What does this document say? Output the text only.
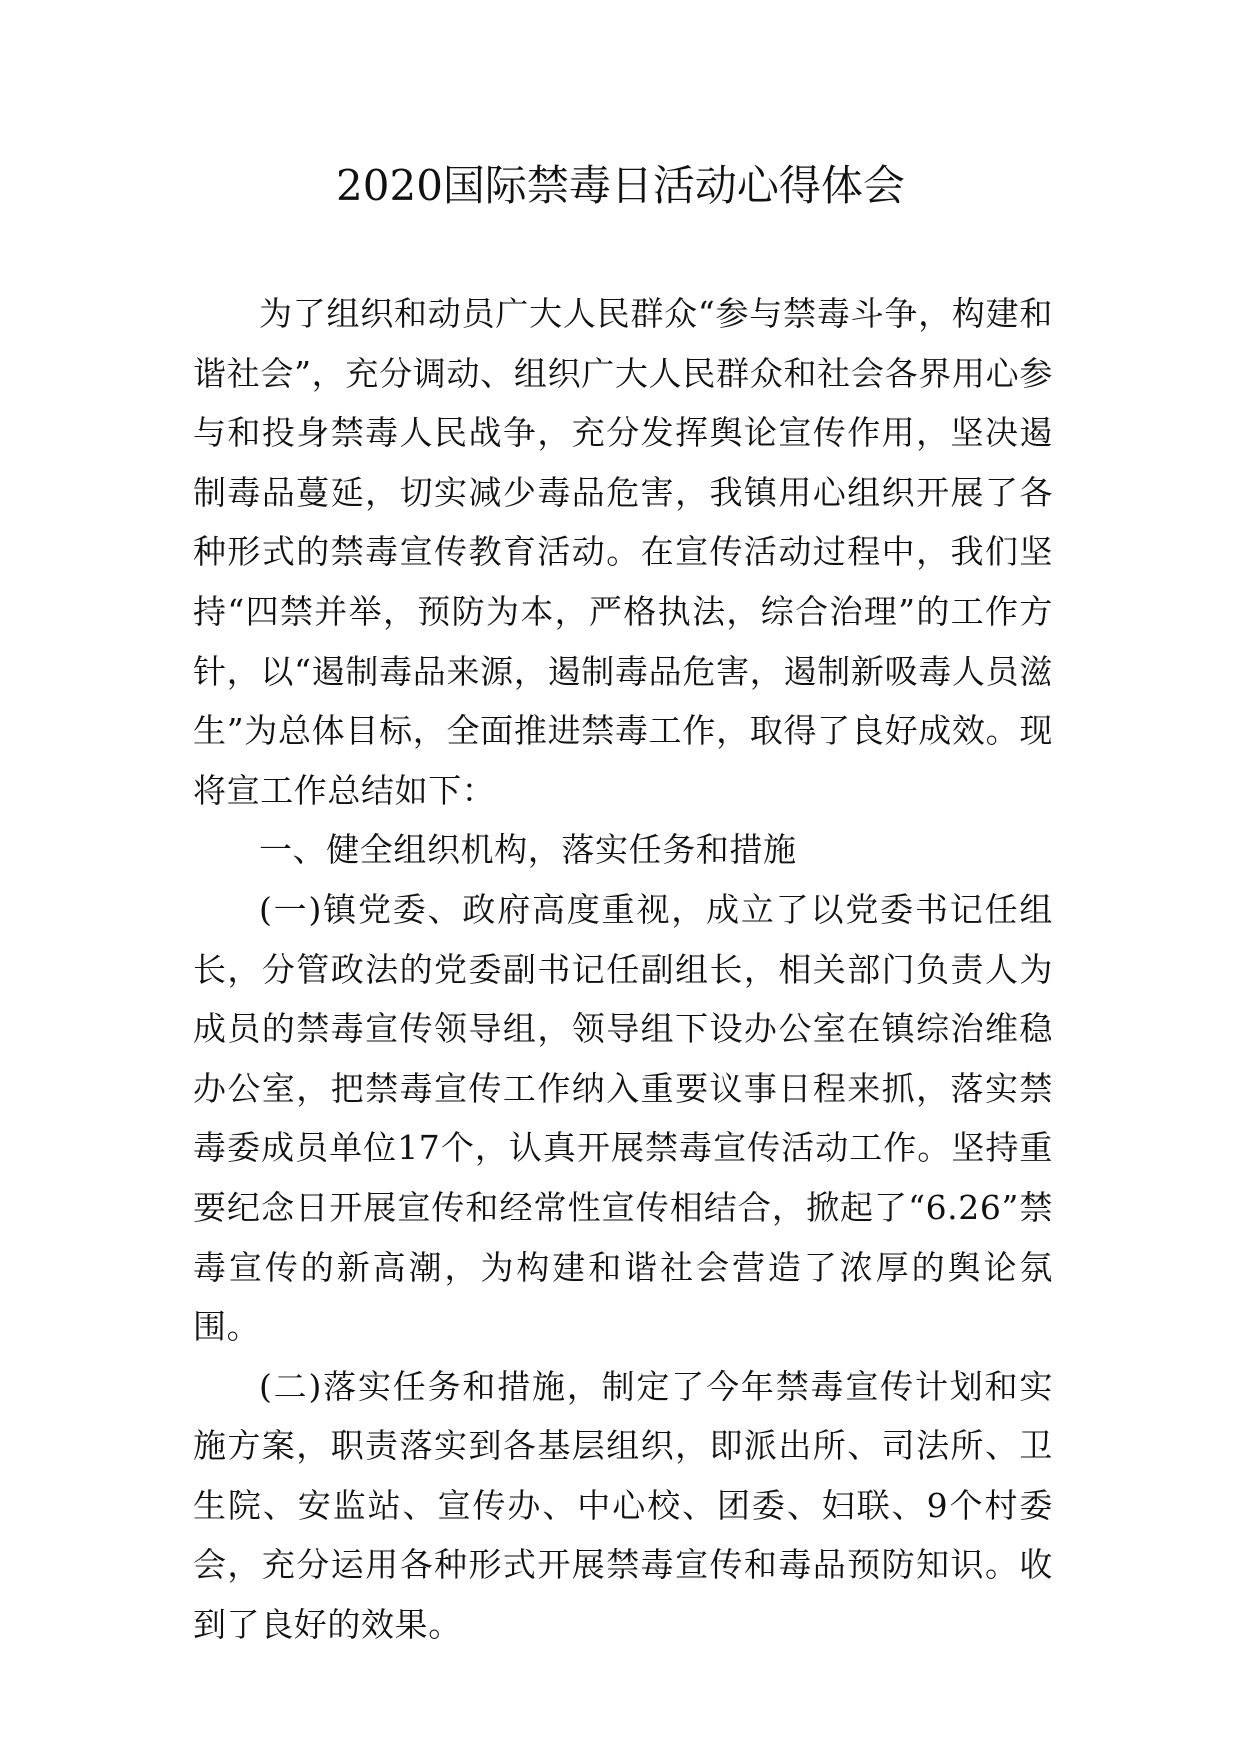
2020国际禁毒日活动心得体会

为了组织和动员广大人民群众“参与禁毒斗争，构建和谐社会”，充分调动、组织广大人民群众和社会各界用心参与和投身禁毒人民战争，充分发挥舆论宣传作用，坚决遏制毒品蔓延，切实减少毒品危害，我镇用心组织开展了各种形式的禁毒宣传教育活动。在宣传活动过程中，我们坚持“四禁并举，预防为本，严格执法，综合治理”的工作方针，以“遏制毒品来源，遏制毒品危害，遏制新吸毒人员滋生”为总体目标，全面推进禁毒工作，取得了良好成效。现将宣工作总结如下：

一、健全组织机构，落实任务和措施

(一)镇党委、政府高度重视，成立了以党委书记任组长，分管政法的党委副书记任副组长，相关部门负责人为成员的禁毒宣传领导组，领导组下设办公室在镇综治维稳办公室，把禁毒宣传工作纳入重要议事日程来抓，落实禁毒委成员单位17个，认真开展禁毒宣传活动工作。坚持重要纪念日开展宣传和经常性宣传相结合，掀起了“6.26”禁毒宣传的新高潮，为构建和谐社会营造了浓厚的舆论氛围。

(二)落实任务和措施，制定了今年禁毒宣传计划和实施方案，职责落实到各基层组织，即派出所、司法所、卫生院、安监站、宣传办、中心校、团委、妇联、9个村委会，充分运用各种形式开展禁毒宣传和毒品预防知识。收到了良好的效果。
